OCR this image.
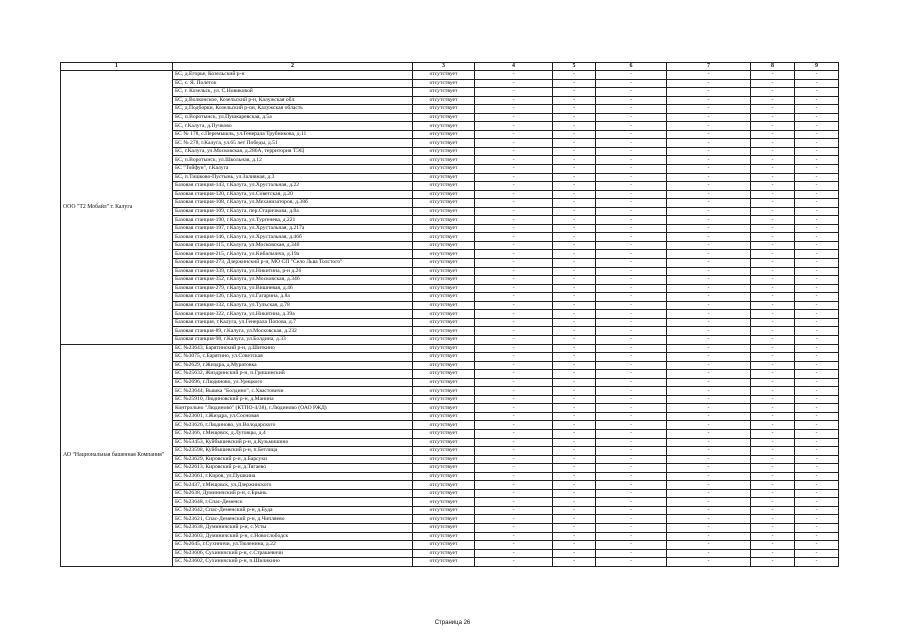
1	2	3	4	5	6	7	8	9
ООО "Т2 Мобайл" г. Калуга	БС, д.Егорье, Козельский р-н	отсутствует	-	-	-	-	-	-
	БС, с. Я. Полеток	отсутствует	-	-	-	-	-	-
	БС, г. Козельск, ул. С.Новиковой	отсутствует	-	-	-	-	-	-
	БС, д.Волконское, Козельский р-н, Калужская обл.	отсутствует	-	-	-	-	-	-
	БС, д.Подборки, Козельский р-он, Калужская область	отсутствует	-	-	-	-	-	-
	БС, п.Воротынск, ул.Пушкаревская, д.5а	отсутствует	-	-	-	-	-	-
	БС, г.Калуга, д.Пучково	отсутствует	-	-	-	-	-	-
	БС № 178, с.Перемышль, ул.Генерала Трубникова, д.11	отсутствует	-	-	-	-	-	-
	БС № 278, г.Калуга, ул.65 лет Победы, д.51	отсутствует	-	-	-	-	-	-
	БС, г.Калуга, ул.Московская, д.286А, территория ТЭЦ	отсутствует	-	-	-	-	-	-
	БС, п.Воротынск, ул.Школьная, д.12	отсутствует	-	-	-	-	-	-
	БС "Тойфун", г.Калуга	отсутствует	-	-	-	-	-	-
	БС, п.Тишково-Пустынь, ул.Заливная, д.3	отсутствует	-	-	-	-	-	-
	Базовая станция-143, г.Калуга, ул.Хрустальная, д.22	отсутствует	-	-	-	-	-	-
	Базовая станция-120, г.Калуга, ул.Советская, д.20	отсутствует	-	-	-	-	-	-
	Базовая станция-108, г.Калуга, ул.Механизаторов, д.38б	отсутствует	-	-	-	-	-	-
	Базовая станция-109, г.Калуга, пер.Старичкова, д.8а	отсутствует	-	-	-	-	-	-
	Базовая станция-190, г.Калуга, ул.Тургенева, д.221	отсутствует	-	-	-	-	-	-
	Базовая станция-197, г.Калуга, ул.Хрустальная, д.217а	отсутствует	-	-	-	-	-	-
	Базовая станция-146, г.Калуга, ул.Хрустальная, д.46б	отсутствует	-	-	-	-	-	-
	Базовая станция-115, г.Калуга, ул.Московская, д.340	отсутствует	-	-	-	-	-	-
	Базовая станция-215, г.Калуга, ул.Кибальчича, д.19а	отсутствует	-	-	-	-	-	-
	Базовая станция-273, Дзержинский р-н, МО СП "Село Льва Толстого"	отсутствует	-	-	-	-	-	-
	Базовая станция-339, г.Калуга, ул.Никитина, р-н д.26	отсутствует	-	-	-	-	-	-
	Базовая станция-352, г.Калуга, ул.Московская, д.346	отсутствует	-	-	-	-	-	-
	Базовая станция-279, г.Калуга, ул.Вишневая, д.46	отсутствует	-	-	-	-	-	-
	Базовая станция-126, г.Калуга, ул.Гагарина, д.8а	отсутствует	-	-	-	-	-	-
	Базовая станция-132, г.Калуга, ул.Тульская, д.78	отсутствует	-	-	-	-	-	-
	Базовая станция-322, г.Калуга, ул.Никитина, д.39а	отсутствует	-	-	-	-	-	-
	Базовая станция, г.Калуга, ул.Генерала Попова, д.7	отсутствует	-	-	-	-	-	-
	Базовая станция-89, г.Калуга, ул.Московская, д.232	отсутствует	-	-	-	-	-	-
	Базовая станция-98, г.Калуга, ул.Болдина, д.33	отсутствует	-	-	-	-	-	-
АО "Национальная башенная Компания"	БС №23643, Барятинский р-н, д.Шиткино	отсутствует	-	-	-	-	-	-
	БС №3075, с.Барятино, ул.Советская	отсутствует	-	-	-	-	-	-
	БС №2629, г.Жиздра, д.Муратовка	отсутствует	-	-	-	-	-	-
	БС №25632, Жиздринский р-н, п.Гришинский	отсутствует	-	-	-	-	-	-
	БС №2696, г.Людиново, ул.Урицкого	отсутствует	-	-	-	-	-	-
	БС №23644, Вышка "Болдино", с.Хвастовичи	отсутствует	-	-	-	-	-	-
	БС №25910, Людиновский р-н, д.Манина	отсутствует	-	-	-	-	-	-
	Контрольно "Людиново" (КТПО-4/38), г.Людиново (ОАО РЖД)	отсутствует	-	-	-	-	-	-
	БС №23601, г.Жиздра, ул.Сосновая	отсутствует	-	-	-	-	-	-
	БС №23626, г.Людиново, ул.Володарского	отсутствует	-	-	-	-	-	-
	БС №2366, г.Мещовск, д.Луговцы, д.4	отсутствует	-	-	-	-	-	-
	БС №53453, Куйбышевский р-н, д.Кузьмишино	отсутствует	-	-	-	-	-	-
	БС №23598, Куйбышевский р-н, п.Бетлица	отсутствует	-	-	-	-	-	-
	БС №23629, Кировский р-н, д.Барсуки	отсутствует	-	-	-	-	-	-
	БС №22613, Кировский р-н, д.Тягаево	отсутствует	-	-	-	-	-	-
	БС №23661, г.Киров, ул.Пушкина	отсутствует	-	-	-	-	-	-
	БС №2437, г.Мещовск, ул.Дзержинского	отсутствует	-	-	-	-	-	-
	БС №2638, Думиничский р-н, с.Брынь	отсутствует	-	-	-	-	-	-
	БС №23648, г.Спас-Деменск	отсутствует	-	-	-	-	-	-
	БС №23642, Спас-Деменский р-н, д.Буда	отсутствует	-	-	-	-	-	-
	БС №23621, Спас-Деменский р-н, д.Чипляево	отсутствует	-	-	-	-	-	-
	БС №23638, Думиничский р-н, с.Усты	отсутствует	-	-	-	-	-	-
	БС №23603, Думиничский р-н, с.Новослободск	отсутствует	-	-	-	-	-	-
	БС №2645, г.Сухиничи, ул.Тюленина, д.22	отсутствует	-	-	-	-	-	-
	БС №23606, Сухиничский р-н, с.Страшевичи	отсутствует	-	-	-	-	-	-
	БС №23602, Сухиничский р-н, п.Шиликино	отсутствует	-	-	-	-	-	-
Страница 26
